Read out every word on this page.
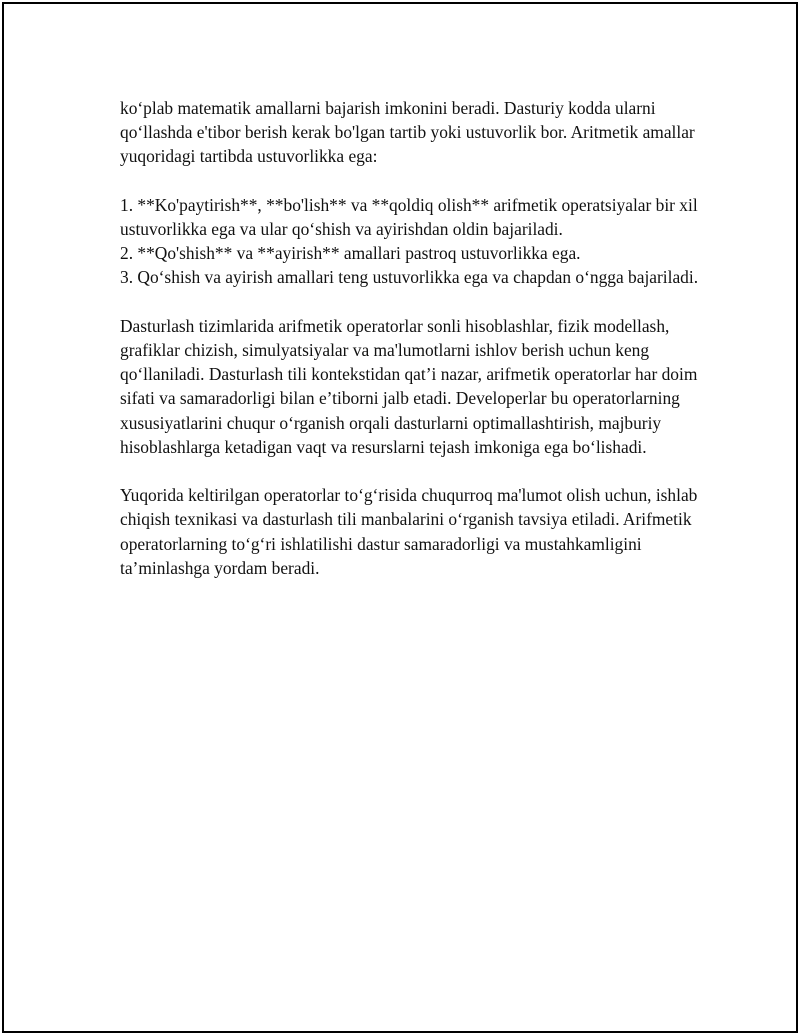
ko‘plab matematik amallarni bajarish imkonini beradi. Dasturiy kodda ularni qo‘llashda e'tibor berish kerak bo'lgan tartib yoki ustuvorlik bor. Aritmetik amallar yuqoridagi tartibda ustuvorlikka ega:

1. **Ko'paytirish**, **bo'lish** va **qoldiq olish** arifmetik operatsiyalar bir xil ustuvorlikka ega va ular qo‘shish va ayirishdan oldin bajariladi.
2. **Qo'shish** va **ayirish** amallari pastroq ustuvorlikka ega.
3. Qo‘shish va ayirish amallari teng ustuvorlikka ega va chapdan o‘ngga bajariladi.

Dasturlash tizimlarida arifmetik operatorlar sonli hisoblashlar, fizik modellash, grafiklar chizish, simulyatsiyalar va ma'lumotlarni ishlov berish uchun keng qo‘llaniladi. Dasturlash tili kontekstidan qat’i nazar, arifmetik operatorlar har doim sifati va samaradorligi bilan e’tiborni jalb etadi. Developerlar bu operatorlarning xususiyatlarini chuqur o‘rganish orqali dasturlarni optimallashtirish, majburiy hisoblashlarga ketadigan vaqt va resurslarni tejash imkoniga ega bo‘lishadi.

Yuqorida keltirilgan operatorlar to‘g‘risida chuqurroq ma'lumot olish uchun, ishlab chiqish texnikasi va dasturlash tili manbalarini o‘rganish tavsiya etiladi. Arifmetik operatorlarning to‘g‘ri ishlatilishi dastur samaradorligi va mustahkamligini ta’minlashga yordam beradi.
